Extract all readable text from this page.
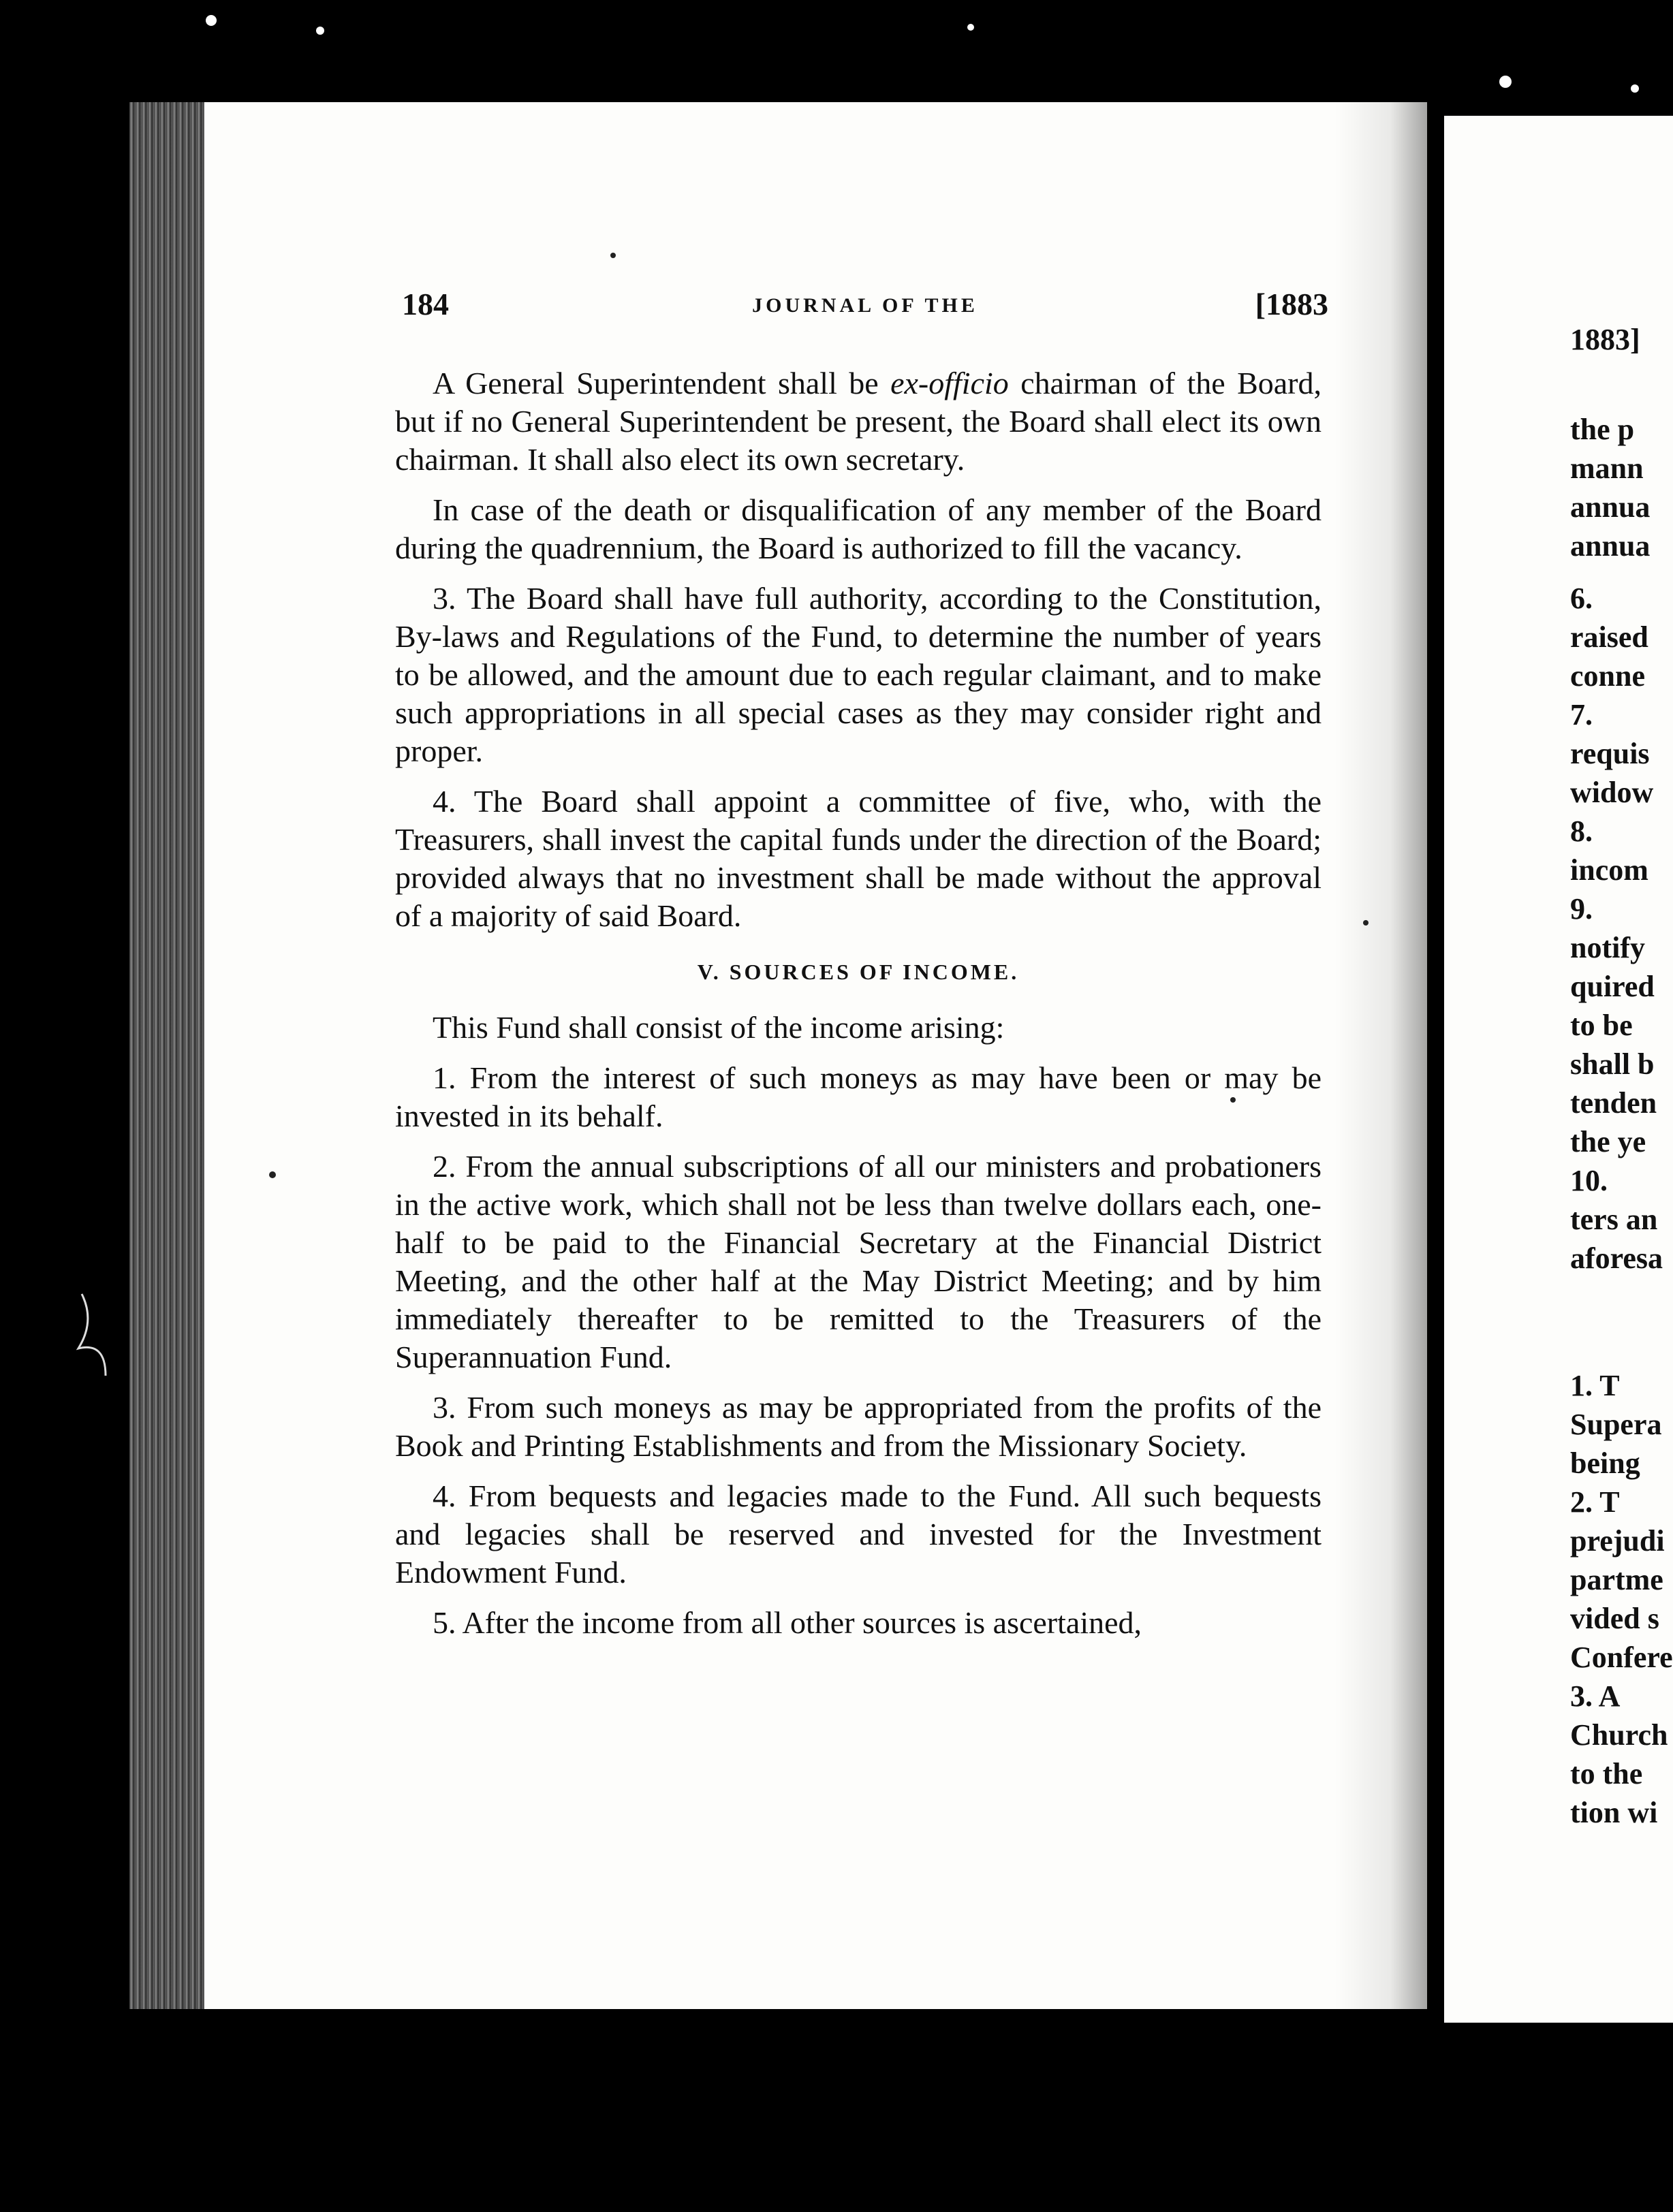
184	JOURNAL OF THE	[1883

A General Superintendent shall be ex-officio chairman of the Board, but if no General Superintendent be present, the Board shall elect its own chairman. It shall also elect its own secretary.

In case of the death or disqualification of any member of the Board during the quadrennium, the Board is authorized to fill the vacancy.

3. The Board shall have full authority, according to the Constitution, By-laws and Regulations of the Fund, to determine the number of years to be allowed, and the amount due to each regular claimant, and to make such appropriations in all special cases as they may consider right and proper.

4. The Board shall appoint a committee of five, who, with the Treasurers, shall invest the capital funds under the direction of the Board; provided always that no investment shall be made without the approval of a majority of said Board.

V. SOURCES OF INCOME.

This Fund shall consist of the income arising:

1. From the interest of such moneys as may have been or may be invested in its behalf.

2. From the annual subscriptions of all our ministers and probationers in the active work, which shall not be less than twelve dollars each, one-half to be paid to the Financial Secretary at the Financial District Meeting, and the other half at the May District Meeting; and by him immediately thereafter to be remitted to the Treasurers of the Superannuation Fund.

3. From such moneys as may be appropriated from the profits of the Book and Printing Establishments and from the Missionary Society.

4. From bequests and legacies made to the Fund. All such bequests and legacies shall be reserved and invested for the Investment Endowment Fund.

5. After the income from all other sources is ascertained,

1883]
the p
mann
annua
annua
6.
raised
conne
7.
requis
widow
8.
incom
9.
notify
quired
to be
shall b
tenden
the ye
10.
ters an
aforesa
1. T
Supera
being
2. T
prejudi
partme
vided s
Confere
3. A
Church
to the
tion wi
